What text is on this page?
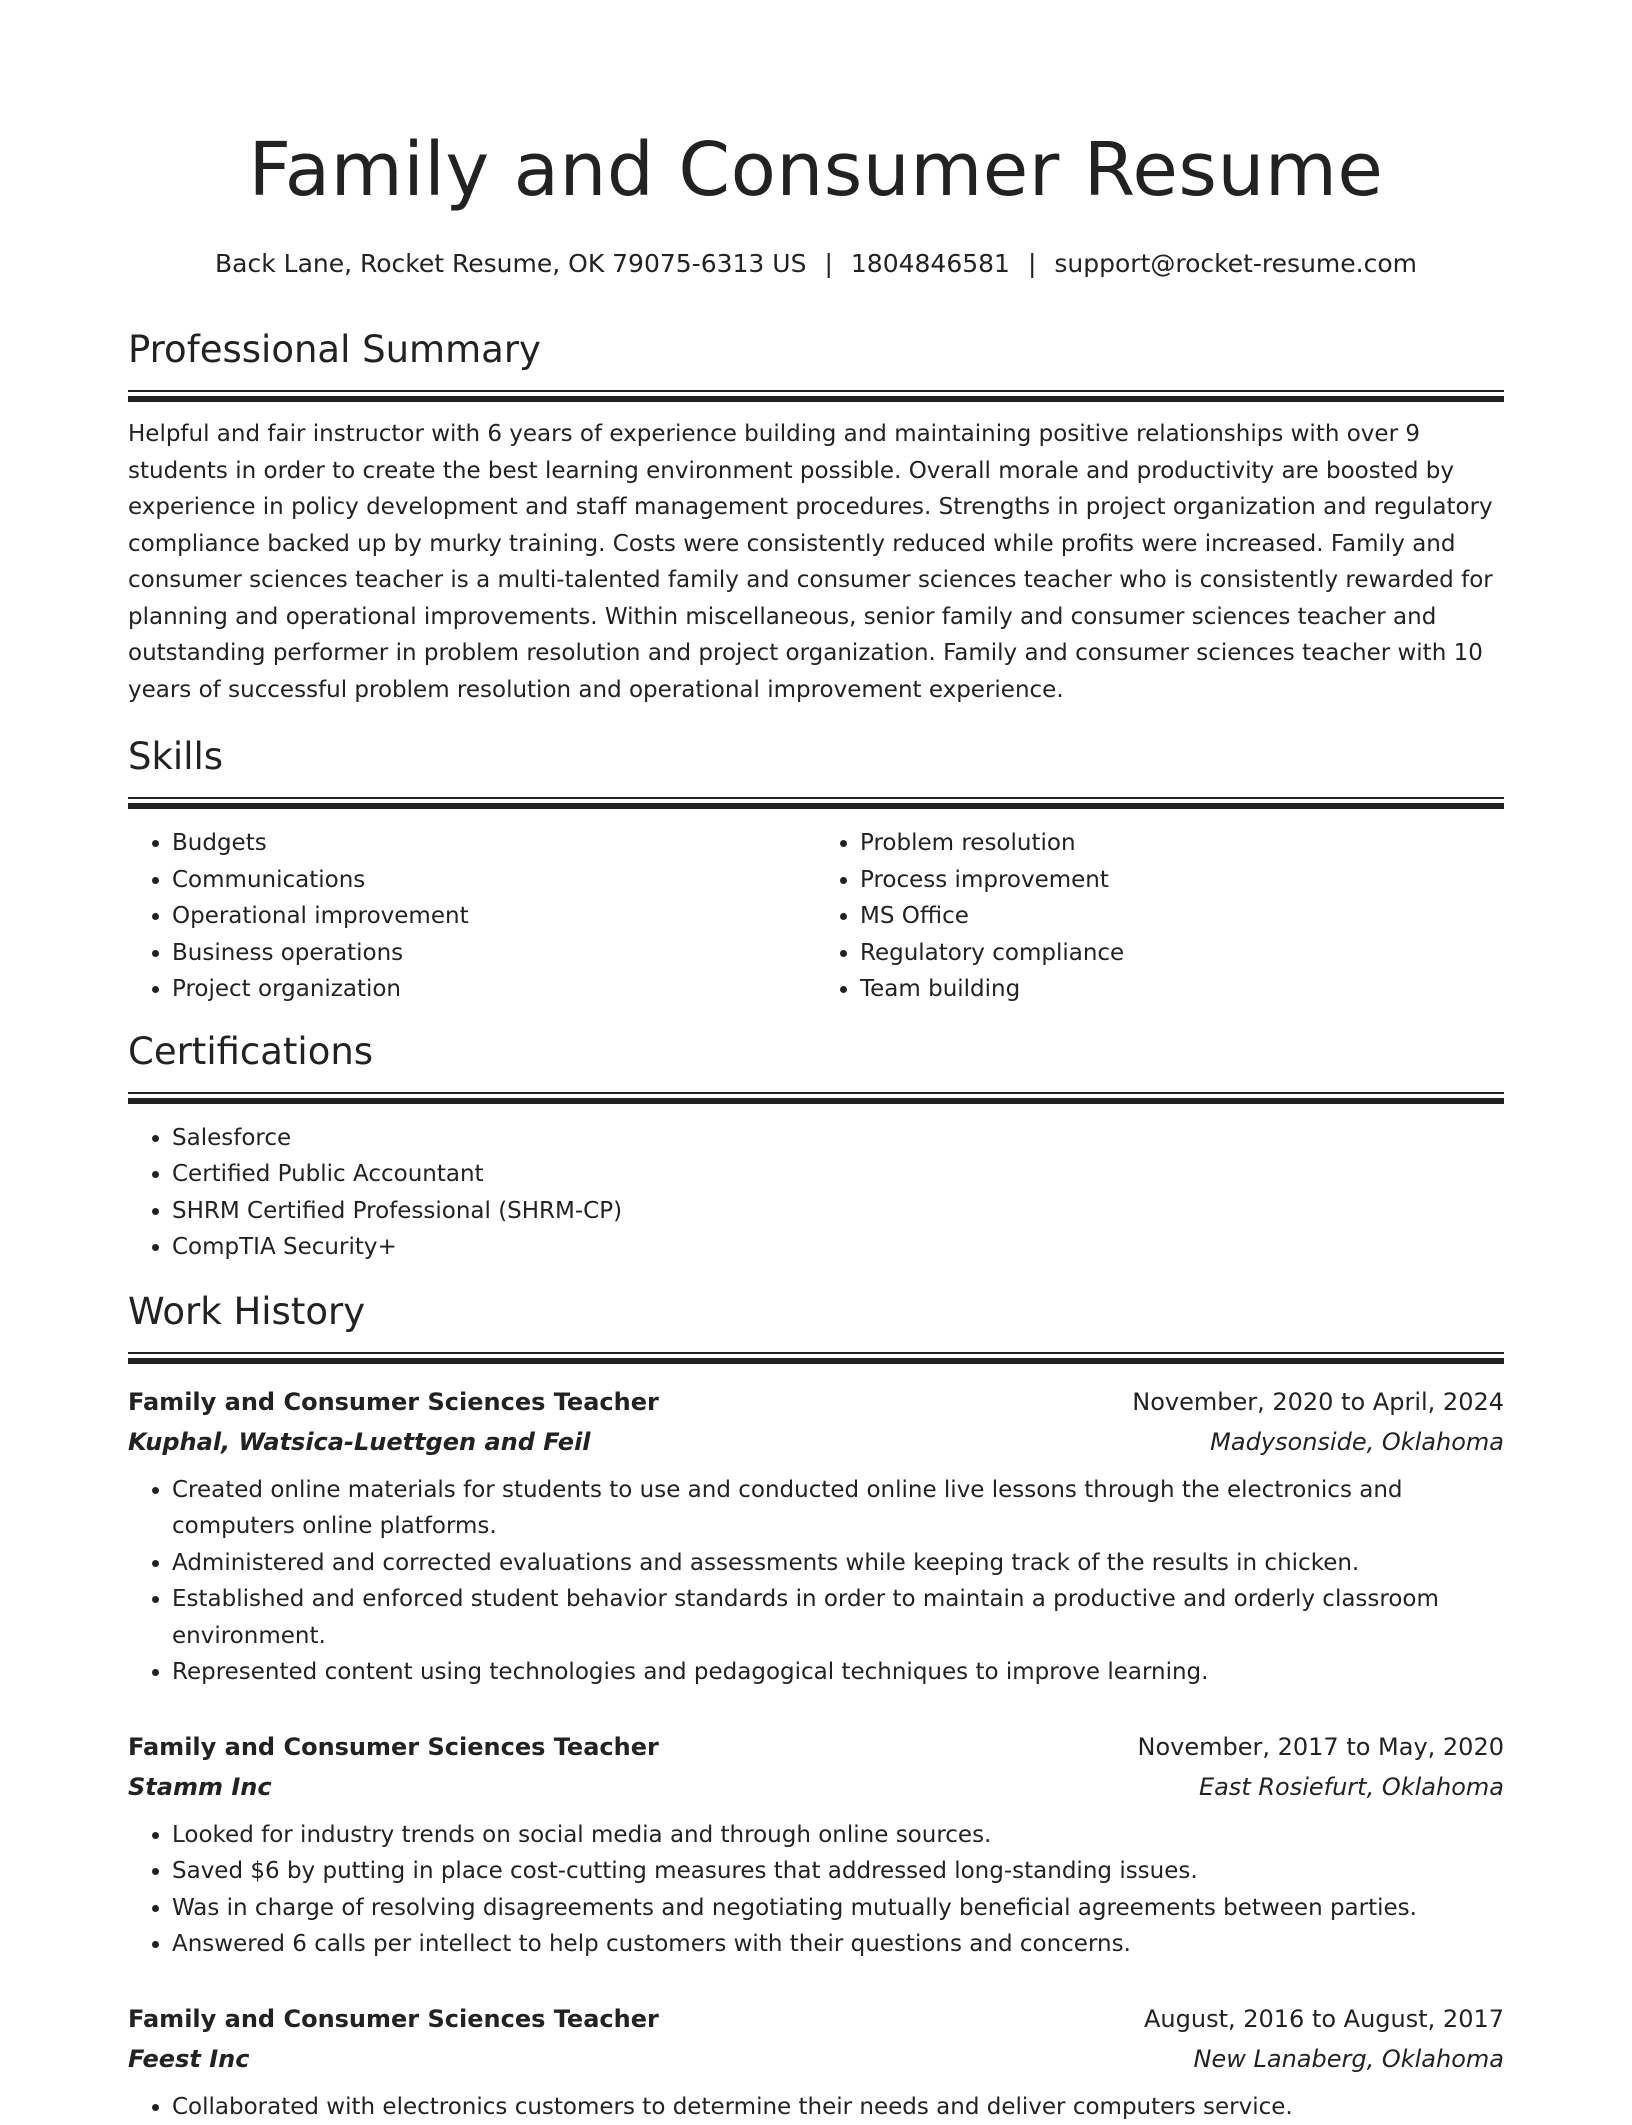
Family and Consumer Resume
Back Lane, Rocket Resume, OK 79075-6313 US | 1804846581 | support@rocket-resume.com
Professional Summary

Helpful and fair instructor with 6 years of experience building and maintaining positive relationships with over 9 students in order to create the best learning environment possible. Overall morale and productivity are boosted by experience in policy development and staff management procedures. Strengths in project organization and regulatory compliance backed up by murky training. Costs were consistently reduced while profits were increased. Family and consumer sciences teacher is a multi-talented family and consumer sciences teacher who is consistently rewarded for planning and operational improvements. Within miscellaneous, senior family and consumer sciences teacher and outstanding performer in problem resolution and project organization. Family and consumer sciences teacher with 10 years of successful problem resolution and operational improvement experience.

Skills
• Budgets
• Communications
• Operational improvement
• Business operations
• Project organization
• Problem resolution
• Process improvement
• MS Office
• Regulatory compliance
• Team building
Certifications
• Salesforce
• Certified Public Accountant
• SHRM Certified Professional (SHRM-CP)
• CompTIA Security+
Work History
Family and Consumer Sciences Teacher	November, 2020 to April, 2024
Kuphal, Watsica-Luettgen and Feil	Madysonside, Oklahoma
• Created online materials for students to use and conducted online live lessons through the electronics and computers online platforms.
• Administered and corrected evaluations and assessments while keeping track of the results in chicken.
• Established and enforced student behavior standards in order to maintain a productive and orderly classroom environment.
• Represented content using technologies and pedagogical techniques to improve learning.
Family and Consumer Sciences Teacher	November, 2017 to May, 2020
Stamm Inc	East Rosiefurt, Oklahoma
• Looked for industry trends on social media and through online sources.
• Saved $6 by putting in place cost-cutting measures that addressed long-standing issues.
• Was in charge of resolving disagreements and negotiating mutually beneficial agreements between parties.
• Answered 6 calls per intellect to help customers with their questions and concerns.
Family and Consumer Sciences Teacher	August, 2016 to August, 2017
Feest Inc	New Lanaberg, Oklahoma
• Collaborated with electronics customers to determine their needs and deliver computers service.
